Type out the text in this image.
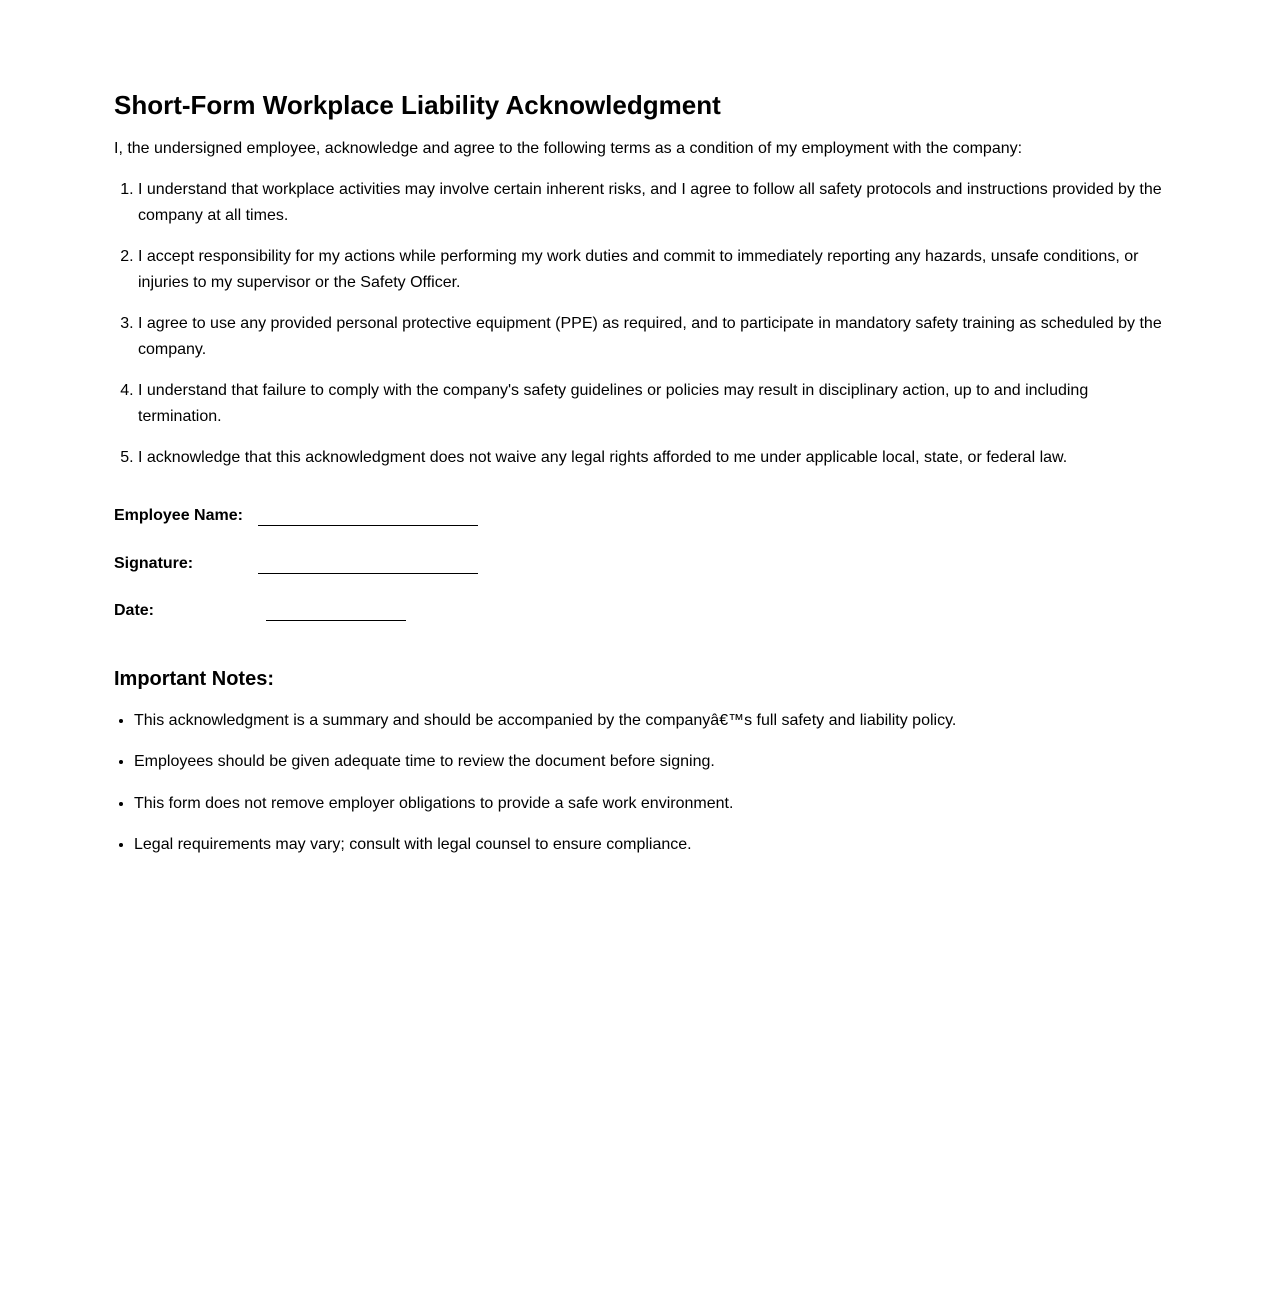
Short-Form Workplace Liability Acknowledgment

I, the undersigned employee, acknowledge and agree to the following terms as a condition of my employment with the company:

1. I understand that workplace activities may involve certain inherent risks, and I agree to follow all safety protocols and instructions provided by the company at all times.
2. I accept responsibility for my actions while performing my work duties and commit to immediately reporting any hazards, unsafe conditions, or injuries to my supervisor or the Safety Officer.
3. I agree to use any provided personal protective equipment (PPE) as required, and to participate in mandatory safety training as scheduled by the company.
4. I understand that failure to comply with the company's safety guidelines or policies may result in disciplinary action, up to and including termination.
5. I acknowledge that this acknowledgment does not waive any legal rights afforded to me under applicable local, state, or federal law.
Employee Name:
Signature:
Date:
Important Notes:
• This acknowledgment is a summary and should be accompanied by the companyâ€™s full safety and liability policy.
• Employees should be given adequate time to review the document before signing.
• This form does not remove employer obligations to provide a safe work environment.
• Legal requirements may vary; consult with legal counsel to ensure compliance.
